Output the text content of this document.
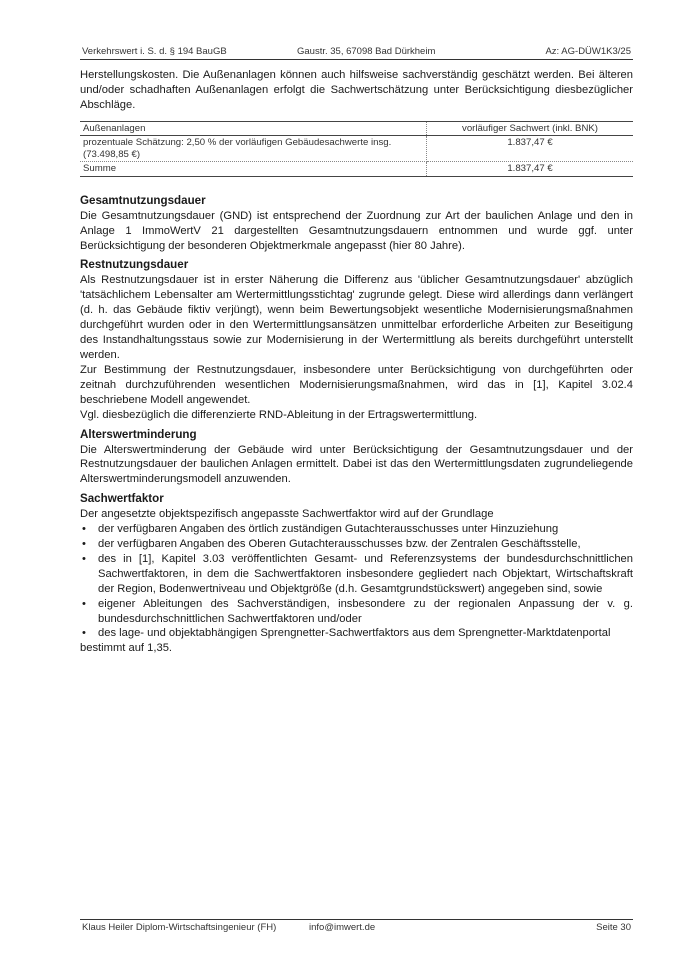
Verkehrswert i. S. d. § 194 BauGB	Gaustr. 35, 67098 Bad Dürkheim	Az: AG-DÜW1K3/25

Herstellungskosten. Die Außenanlagen können auch hilfsweise sachverständig geschätzt werden. Bei älteren und/oder schadhaften Außenanlagen erfolgt die Sachwertschätzung unter Berücksichtigung diesbezüglicher Abschläge.

Außenanlagen	vorläufiger Sachwert (inkl. BNK)
prozentuale Schätzung: 2,50 % der vorläufigen Gebäudesachwerte insg. (73.498,85 €)	1.837,47 €
Summe	1.837,47 €
Gesamtnutzungsdauer

Die Gesamtnutzungsdauer (GND) ist entsprechend der Zuordnung zur Art der baulichen Anlage und den in Anlage 1 ImmoWertV 21 dargestellten Gesamtnutzungsdauern entnommen und wurde ggf. unter Berücksichtigung der besonderen Objektmerkmale angepasst (hier 80 Jahre).

Restnutzungsdauer

Als Restnutzungsdauer ist in erster Näherung die Differenz aus 'üblicher Gesamtnutzungsdauer' abzüglich 'tatsächlichem Lebensalter am Wertermittlungsstichtag' zugrunde gelegt. Diese wird allerdings dann verlängert (d. h. das Gebäude fiktiv verjüngt), wenn beim Bewertungsobjekt wesentliche Modernisierungsmaßnahmen durchgeführt wurden oder in den Wertermittlungsansätzen unmittelbar erforderliche Arbeiten zur Beseitigung des Instandhaltungsstaus sowie zur Modernisierung in der Wertermittlung als bereits durchgeführt unterstellt werden.

Zur Bestimmung der Restnutzungsdauer, insbesondere unter Berücksichtigung von durchgeführten oder zeitnah durchzuführenden wesentlichen Modernisierungsmaßnahmen, wird das in [1], Kapitel 3.02.4 beschriebene Modell angewendet.

Vgl. diesbezüglich die differenzierte RND-Ableitung in der Ertragswertermittlung.

Alterswertminderung

Die Alterswertminderung der Gebäude wird unter Berücksichtigung der Gesamtnutzungsdauer und der Restnutzungsdauer der baulichen Anlagen ermittelt. Dabei ist das den Wertermittlungsdaten zugrundeliegende Alterswertminderungsmodell anzuwenden.

Sachwertfaktor

Der angesetzte objektspezifisch angepasste Sachwertfaktor wird auf der Grundlage

• der verfügbaren Angaben des örtlich zuständigen Gutachterausschusses unter Hinzuziehung
• der verfügbaren Angaben des Oberen Gutachterausschusses bzw. der Zentralen Geschäftsstelle,
• des in [1], Kapitel 3.03 veröffentlichten Gesamt- und Referenzsystems der bundesdurchschnittlichen Sachwertfaktoren, in dem die Sachwertfaktoren insbesondere gegliedert nach Objektart, Wirtschaftskraft der Region, Bodenwertniveau und Objektgröße (d.h. Gesamtgrundstückswert) angegeben sind, sowie
• eigener Ableitungen des Sachverständigen, insbesondere zu der regionalen Anpassung der v. g. bundesdurchschnittlichen Sachwertfaktoren und/oder
• des lage- und objektabhängigen Sprengnetter-Sachwertfaktors aus dem Sprengnetter-Marktdatenportal

bestimmt auf 1,35.

Klaus Heiler Diplom-Wirtschaftsingenieur (FH)	info@imwert.de	Seite 30
